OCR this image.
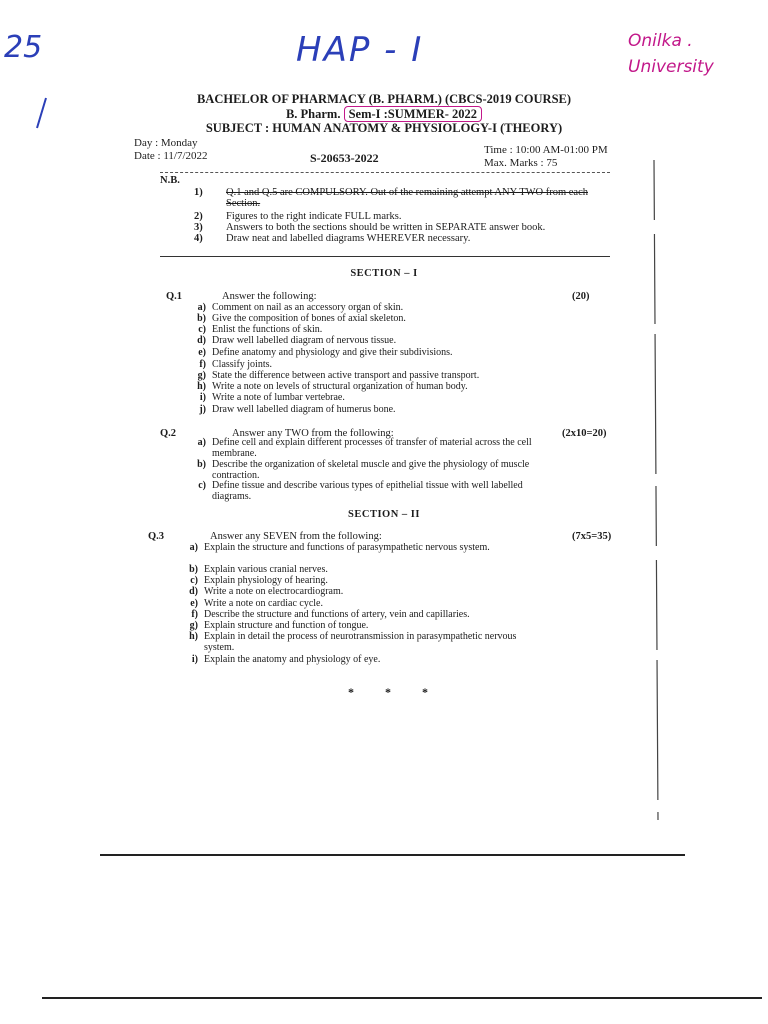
25	HAP - I	Onilka . University
BACHELOR OF PHARMACY (B. PHARM.) (CBCS-2019 COURSE)
B. Pharm. Sem-I :SUMMER- 2022
SUBJECT : HUMAN ANATOMY & PHYSIOLOGY-I (THEORY)
Day : Monday
Date : 11/7/2022	S-20653-2022
Time : 10:00 AM-01:00 PM
Max. Marks : 75
N.B.
1) Q.1 and Q.5 are COMPULSORY. Out of the remaining attempt ANY TWO from each Section.
2) Figures to the right indicate FULL marks.
3) Answers to both the sections should be written in SEPARATE answer book.
4) Draw neat and labelled diagrams WHEREVER necessary.
SECTION – I
Q.1	Answer the following:	(20)
a) Comment on nail as an accessory organ of skin.
b) Give the composition of bones of axial skeleton.
c) Enlist the functions of skin.
d) Draw well labelled diagram of nervous tissue.
e) Define anatomy and physiology and give their subdivisions.
f) Classify joints.
g) State the difference between active transport and passive transport.
h) Write a note on levels of structural organization of human body.
i) Write a note of lumbar vertebrae.
j) Draw well labelled diagram of humerus bone.
Q.2	Answer any TWO from the following:	(2x10=20)
a) Define cell and explain different processes of transfer of material across the cell membrane.
b) Describe the organization of skeletal muscle and give the physiology of muscle contraction.
c) Define tissue and describe various types of epithelial tissue with well labelled diagrams.
SECTION – II
Q.3	Answer any SEVEN from the following:	(7x5=35)
a) Explain the structure and functions of parasympathetic nervous system.
b) Explain various cranial nerves.
c) Explain physiology of hearing.
d) Write a note on electrocardiogram.
e) Write a note on cardiac cycle.
f) Describe the structure and functions of artery, vein and capillaries.
g) Explain structure and function of tongue.
h) Explain in detail the process of neurotransmission in parasympathetic nervous system.
i) Explain the anatomy and physiology of eye.
* * *
